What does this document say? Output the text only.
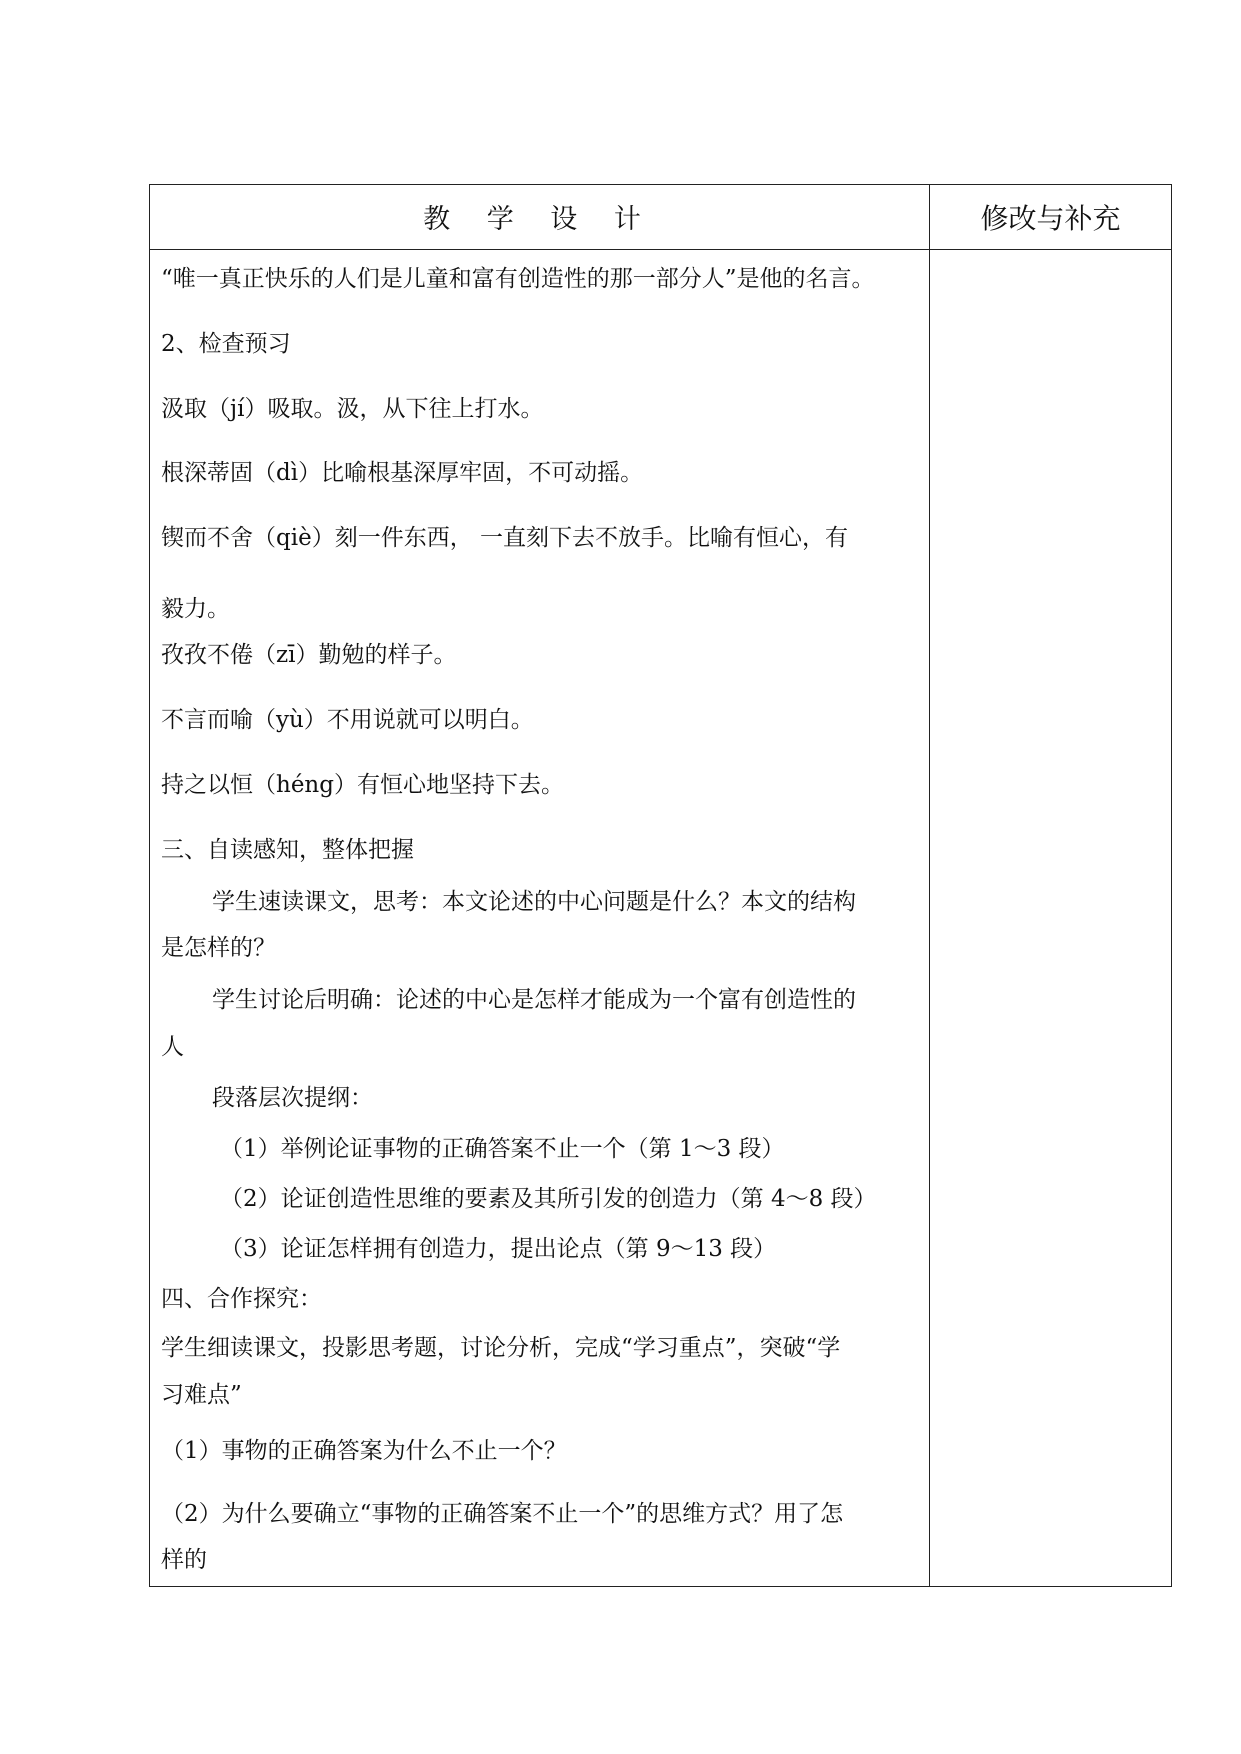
教 学 设 计	修改与补充
“唯一真正快乐的人们是儿童和富有创造性的那一部分人”是他的名言。
2、检查预习
汲取（jí）吸取。汲，从下往上打水。
根深蒂固（dì）比喻根基深厚牢固，不可动摇。
锲而不舍（qiè）刻一件东西， 一直刻下去不放手。比喻有恒心，有
毅力。
孜孜不倦（zī）勤勉的样子。
不言而喻（yù）不用说就可以明白。
持之以恒（héng）有恒心地坚持下去。
三、自读感知，整体把握
学生速读课文，思考：本文论述的中心问题是什么？本文的结构
是怎样的？
学生讨论后明确：论述的中心是怎样才能成为一个富有创造性的
人
段落层次提纲：
（1）举例论证事物的正确答案不止一个（第 1～3 段）
（2）论证创造性思维的要素及其所引发的创造力（第 4～8 段）
（3）论证怎样拥有创造力，提出论点（第 9～13 段）
四、合作探究：
学生细读课文，投影思考题，讨论分析，完成“学习重点”，突破“学
习难点”
（1）事物的正确答案为什么不止一个？
（2）为什么要确立“事物的正确答案不止一个”的思维方式？用了怎
样的
